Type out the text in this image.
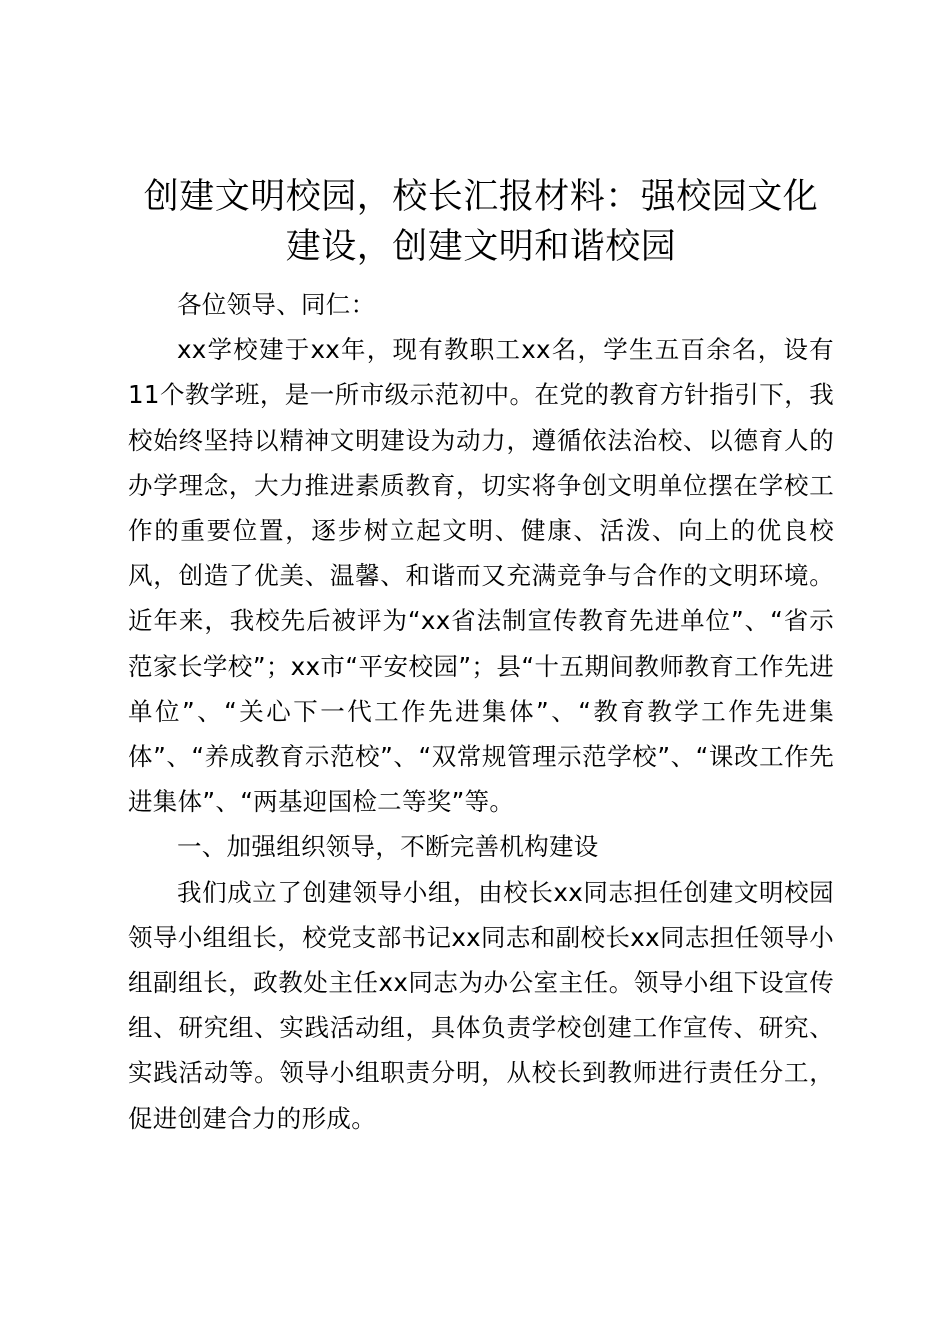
创建文明校园，校长汇报材料：强校园文化建设，创建文明和谐校园

各位领导、同仁：

xx学校建于xx年，现有教职工xx名，学生五百余名，设有11个教学班，是一所市级示范初中。在党的教育方针指引下，我校始终坚持以精神文明建设为动力，遵循依法治校、以德育人的办学理念，大力推进素质教育，切实将争创文明单位摆在学校工作的重要位置，逐步树立起文明、健康、活泼、向上的优良校风，创造了优美、温馨、和谐而又充满竞争与合作的文明环境。近年来，我校先后被评为“xx省法制宣传教育先进单位”、“省示范家长学校”；xx市“平安校园”；县“十五期间教师教育工作先进单位”、“关心下一代工作先进集体”、“教育教学工作先进集体”、“养成教育示范校”、“双常规管理示范学校”、“课改工作先进集体”、“两基迎国检二等奖”等。

一、加强组织领导，不断完善机构建设

我们成立了创建领导小组，由校长xx同志担任创建文明校园领导小组组长，校党支部书记xx同志和副校长xx同志担任领导小组副组长，政教处主任xx同志为办公室主任。领导小组下设宣传组、研究组、实践活动组，具体负责学校创建工作宣传、研究、实践活动等。领导小组职责分明，从校长到教师进行责任分工，促进创建合力的形成。
